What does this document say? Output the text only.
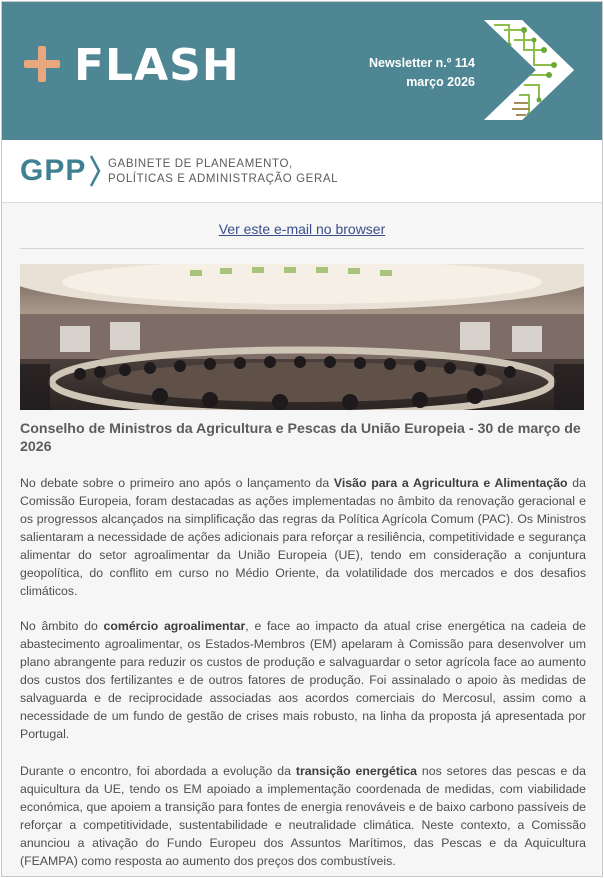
FLASH	Newsletter n.º 114
março 2026
GPP GABINETE DE PLANEAMENTO,
POLÍTICAS E ADMINISTRAÇÃO GERAL
Ver este e-mail no browser
Conselho de Ministros da Agricultura e Pescas da União Europeia - 30 de março de 2026
No debate sobre o primeiro ano após o lançamento da Visão para a Agricultura e Alimentação da Comissão Europeia, foram destacadas as ações implementadas no âmbito da renovação geracional e os progressos alcançados na simplificação das regras da Política Agrícola Comum (PAC). Os Ministros salientaram a necessidade de ações adicionais para reforçar a resiliência, competitividade e segurança alimentar do setor agroalimentar da União Europeia (UE), tendo em consideração a conjuntura geopolítica, do conflito em curso no Médio Oriente, da volatilidade dos mercados e dos desafios climáticos.
No âmbito do comércio agroalimentar, e face ao impacto da atual crise energética na cadeia de abastecimento agroalimentar, os Estados-Membros (EM) apelaram à Comissão para desenvolver um plano abrangente para reduzir os custos de produção e salvaguardar o setor agrícola face ao aumento dos custos dos fertilizantes e de outros fatores de produção. Foi assinalado o apoio às medidas de salvaguarda e de reciprocidade associadas aos acordos comerciais do Mercosul, assim como a necessidade de um fundo de gestão de crises mais robusto, na linha da proposta já apresentada por Portugal.
Durante o encontro, foi abordada a evolução da transição energética nos setores das pescas e da aquicultura da UE, tendo os EM apoiado a implementação coordenada de medidas, com viabilidade económica, que apoiem a transição para fontes de energia renováveis e de baixo carbono passíveis de reforçar a competitividade, sustentabilidade e neutralidade climática. Neste contexto, a Comissão anunciou a ativação do Fundo Europeu dos Assuntos Marítimos, das Pescas e da Aquicultura (FEAMPA) como resposta ao aumento dos preços dos combustíveis.
